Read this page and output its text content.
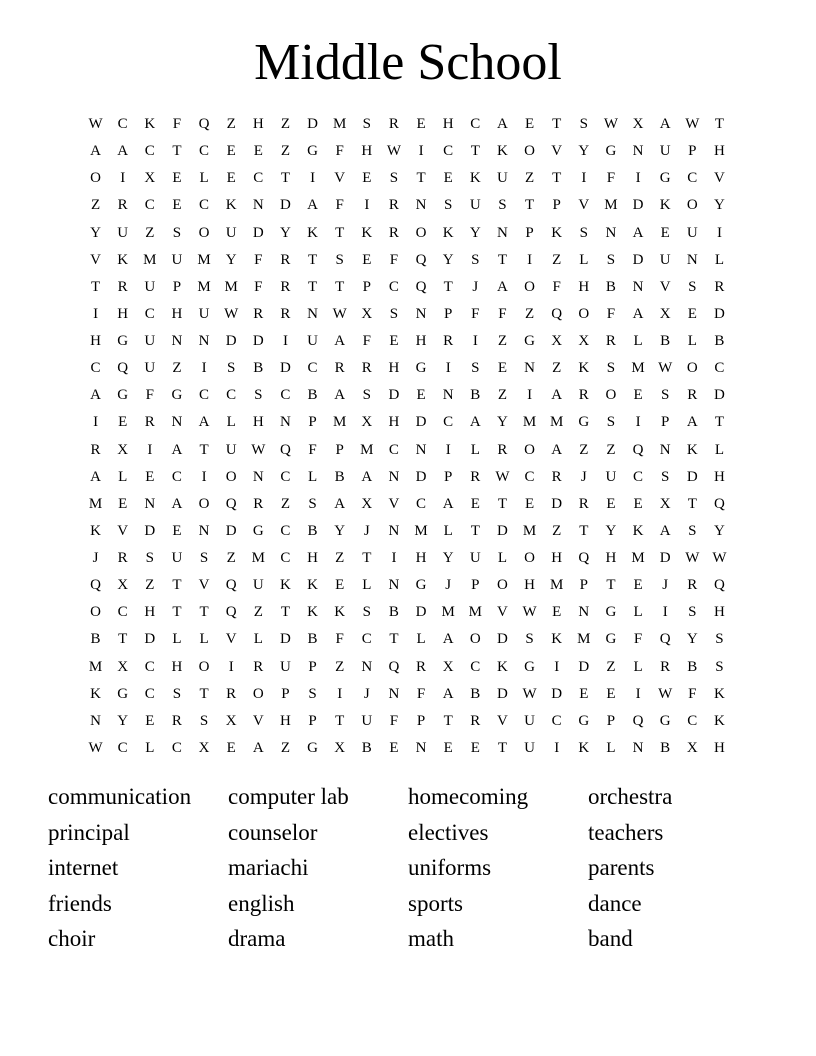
Middle School
W	C	K	F	Q	Z	H	Z	D	M	S	R	E	H	C	A	E	T	S	W X	A W	T
A	A	C	T	C	E	E	Z	G	F	H W	I	C	T	K	O	V	Y	G	N	U	P	H
O	I	X	E	L	E	C	T	I	V	E	S	T	E	K	U	Z	T	I	F	I	G	C	V
Z	R	C	E	C	K	N	D	A	F	I	R	N	S	U	S	T	P	V	M	D	K	O	Y
Y	U	Z	S	O	U	D	Y	K	T	K	R	O	K	Y	N	P	K	S	N	A	E	U	I
V	K	M	U	M	Y	F	R	T	S	E	F	Q	Y	S	T	I	Z	L	S	D	U	N	L
T	R	U	P	M M	F	R	T	T	P	C	Q	T	J	A	O	F	H	B	N	V	S	R
I	H	C	H	U W	R	R	N W X	S	N	P	F	F	Z	Q	O	F	A	X	E	D
H	G	U	N	N	D	D	I	U	A	F	E	H	R	I	Z	G	X	X	R	L	B	L	B
C	Q	U	Z	I	S	B	D	C	R	R	H	G	I	S	E	N	Z	K	S	M W O	C
A	G	F	G	C	C	S	C	B	A	S	D	E	N	B	Z	I	A	R	O	E	S	R	D
I	E	R	N	A	L	H	N	P	M	X	H	D	C	A	Y	M M	G	S	I	P	A	T
R	X	I	A	T	U W Q	F	P	M	C	N	I	L	R	O	A	Z	Z	Q	N	K	L
A	L	E	C	I	O	N	C	L	B	A	N	D	P	R	W	C	R	J	U	C	S	D	H
M	E	N	A	O	Q	R	Z	S	A	X	V	C	A	E	T	E	D	R	E	E	X	T	Q
K	V	D	E	N	D	G	C	B	Y	J	N	M	L	T	D	M	Z	T	Y	K	A	S	Y
J	R	S	U	S	Z	M	C	H	Z	T	I	H	Y	U	L	O	H	Q	H	M	D W W
Q	X	Z	T	V	Q	U	K	K	E	L	N	G	J	P	O	H	M	P	T	E	J	R	Q
O	C	H	T	T	Q	Z	T	K	K	S	B	D	M M	V W	E	N	G	L	I	S	H
B	T	D	L	L	V	L	D	B	F	C	T	L	A	O	D	S	K	M	G	F	Q	Y	S
M	X	C	H	O	I	R	U	P	Z	N	Q	R	X	C	K	G	I	D	Z	L	R	B	S
K	G	C	S	T	R	O	P	S	I	J	N	F	A	B	D W D	E	E	I	W	F	K
N	Y	E	R	S	X	V	H	P	T	U	F	P	T	R	V	U	C	G	P	Q	G	C	K
W	C	L	C	X	E	A	Z	G	X	B	E	N	E	E	T	U	I	K	L	N	B	X	H
communication	computer lab	homecoming	orchestra
principal	counselor	electives	teachers
internet	mariachi	uniforms	parents
friends	english	sports	dance
choir	drama	math	band
